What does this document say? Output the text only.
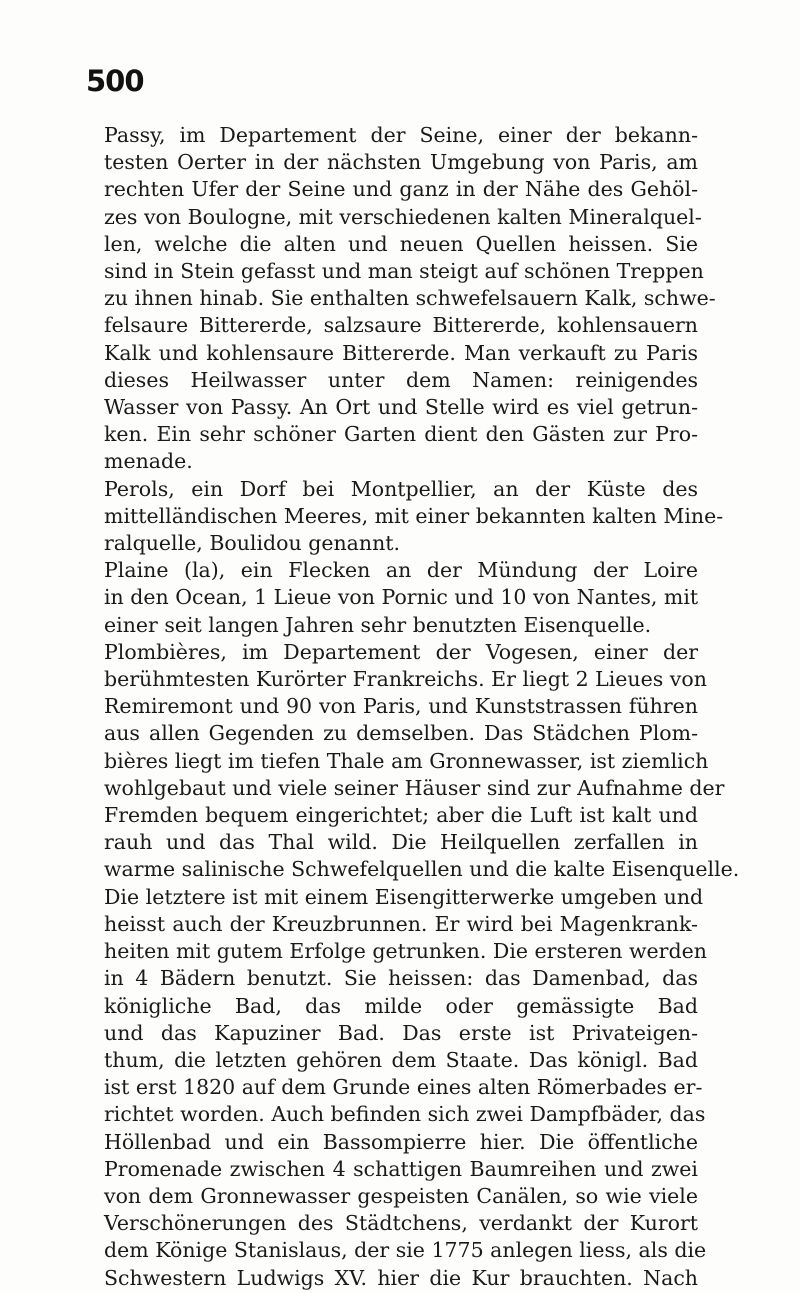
500

Passy, im Departement der Seine, einer der bekann-
testen Oerter in der nächsten Umgebung von Paris, am
rechten Ufer der Seine und ganz in der Nähe des Gehöl-
zes von Boulogne, mit verschiedenen kalten Mineralquel-
len, welche die alten und neuen Quellen heissen. Sie
sind in Stein gefasst und man steigt auf schönen Treppen
zu ihnen hinab. Sie enthalten schwefelsauern Kalk, schwe-
felsaure Bittererde, salzsaure Bittererde, kohlensauern
Kalk und kohlensaure Bittererde. Man verkauft zu Paris
dieses Heilwasser unter dem Namen: reinigendes
Wasser von Passy. An Ort und Stelle wird es viel getrun-
ken. Ein sehr schöner Garten dient den Gästen zur Pro-
menade.

Perols, ein Dorf bei Montpellier, an der Küste des
mittelländischen Meeres, mit einer bekannten kalten Mine-
ralquelle, Boulidou genannt.

Plaine (la), ein Flecken an der Mündung der Loire
in den Ocean, 1 Lieue von Pornic und 10 von Nantes, mit
einer seit langen Jahren sehr benutzten Eisenquelle.

Plombières, im Departement der Vogesen, einer der
berühmtesten Kurörter Frankreichs. Er liegt 2 Lieues von
Remiremont und 90 von Paris, und Kunststrassen führen
aus allen Gegenden zu demselben. Das Städchen Plom-
bières liegt im tiefen Thale am Gronnewasser, ist ziemlich
wohlgebaut und viele seiner Häuser sind zur Aufnahme der
Fremden bequem eingerichtet; aber die Luft ist kalt und
rauh und das Thal wild. Die Heilquellen zerfallen in
warme salinische Schwefelquellen und die kalte Eisenquelle.
Die letztere ist mit einem Eisengitterwerke umgeben und
heisst auch der Kreuzbrunnen. Er wird bei Magenkrank-
heiten mit gutem Erfolge getrunken. Die ersteren werden
in 4 Bädern benutzt. Sie heissen: das Damenbad, das
königliche Bad, das milde oder gemässigte Bad
und das Kapuziner Bad. Das erste ist Privateigen-
thum, die letzten gehören dem Staate. Das königl. Bad
ist erst 1820 auf dem Grunde eines alten Römerbades er-
richtet worden. Auch befinden sich zwei Dampfbäder, das
Höllenbad und ein Bassompierre hier. Die öffentliche
Promenade zwischen 4 schattigen Baumreihen und zwei
von dem Gronnewasser gespeisten Canälen, so wie viele
Verschönerungen des Städtchens, verdankt der Kurort
dem Könige Stanislaus, der sie 1775 anlegen liess, als die
Schwestern Ludwigs XV. hier die Kur brauchten. Nach
